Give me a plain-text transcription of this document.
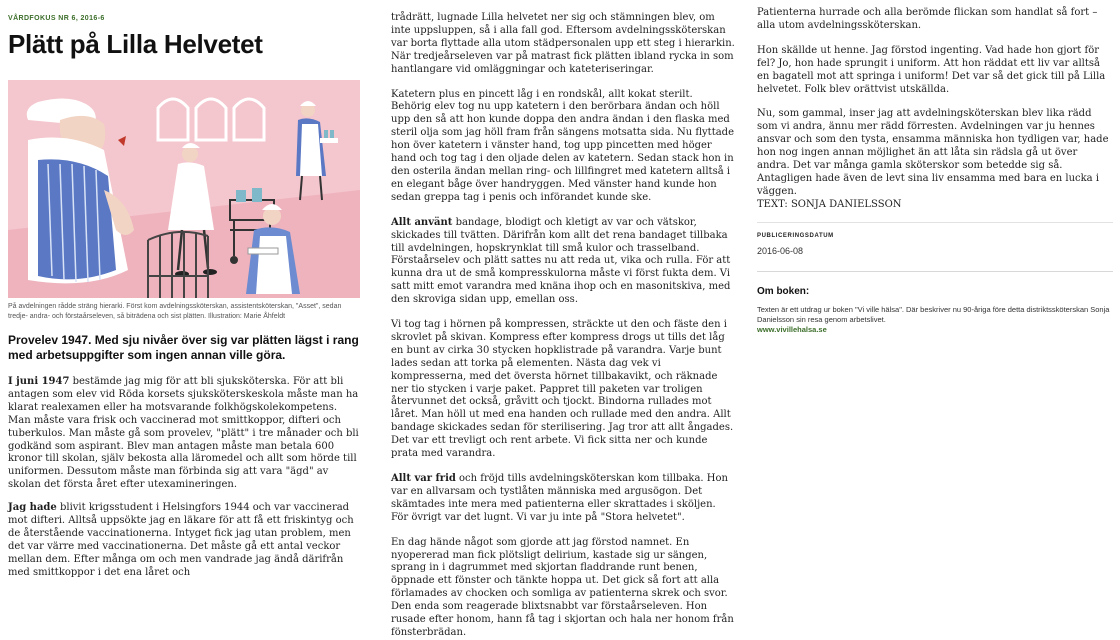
VÅRDFOKUS NR 6, 2016-6
Plätt på Lilla Helvetet
På avdelningen rådde sträng hierarki. Först kom avdelningssköterskan, assistentsköterskan, "Asset", sedan tredje- andra- och förstaårseleven, så biträdena och sist plätten. Illustration: Marie Åhfeldt
Provelev 1947. Med sju nivåer över sig var plätten lägst i rang med arbetsuppgifter som ingen annan ville göra.

I juni 1947 bestämde jag mig för att bli sjuksköterska. För att bli antagen som elev vid Röda korsets sjuksköterskeskola måste man ha klarat realexamen eller ha motsvarande folkhögskolekompetens. Man måste vara frisk och vaccinerad mot smittkoppor, difteri och tuberkulos. Man måste gå som provelev, "plätt" i tre månader och bli godkänd som aspirant. Blev man antagen måste man betala 600 kronor till skolan, själv bekosta alla läromedel och allt som hörde till uniformen. Dessutom måste man förbinda sig att vara "ägd" av skolan det första året efter utexamineringen.

Jag hade blivit krigsstudent i Helsingfors 1944 och var vaccinerad mot difteri. Alltså uppsökte jag en läkare för att få ett friskintyg och de återstående vaccinationerna. Intyget fick jag utan problem, men det var värre med vaccinationerna. Det måste gå ett antal veckor mellan dem. Efter många om och men vandrade jag ändå därifrån med smittkoppor i det ena låret och

trådrätt, lugnade Lilla helvetet ner sig och stämningen blev, om inte uppsluppen, så i alla fall god. Eftersom avdelningssköterskan var borta flyttade alla utom städpersonalen upp ett steg i hierarkin. När tredjeårseleven var på matrast fick plätten ibland rycka in som hantlangare vid omläggningar och kateteriseringar.

Katetern plus en pincett låg i en rondskål, allt kokat sterilt. Behörig elev tog nu upp katetern i den berörbara ändan och höll upp den så att hon kunde doppa den andra ändan i den flaska med steril olja som jag höll fram från sängens motsatta sida. Nu flyttade hon över katetern i vänster hand, tog upp pincetten med höger hand och tog tag i den oljade delen av katetern. Sedan stack hon in den osterila ändan mellan ring- och lillfingret med katetern alltså i en elegant båge över handryggen. Med vänster hand kunde hon sedan greppa tag i penis och införandet kunde ske.

Allt använt bandage, blodigt och kletigt av var och vätskor, skickades till tvätten. Därifrån kom allt det rena bandaget tillbaka till avdelningen, hopskrynklat till små kulor och trasselband. Förstaårselev och plätt sattes nu att reda ut, vika och rulla. För att kunna dra ut de små kompresskulorna måste vi först fukta dem. Vi satt mitt emot varandra med knäna ihop och en masonitskiva, med den skroviga sidan upp, emellan oss.

Vi tog tag i hörnen på kompressen, sträckte ut den och fäste den i skrovlet på skivan. Kompress efter kompress drogs ut tills det låg en bunt av cirka 30 stycken hopklistrade på varandra. Varje bunt lades sedan att torka på elementen. Nästa dag vek vi kompresserna, med det översta hörnet tillbakavikt, och räknade ner tio stycken i varje paket. Pappret till paketen var troligen återvunnet det också, gråvitt och tjockt. Bindorna rullades mot låret. Man höll ut med ena handen och rullade med den andra. Allt bandage skickades sedan för sterilisering. Jag tror att allt ångades. Det var ett trevligt och rent arbete. Vi fick sitta ner och kunde prata med varandra.

Allt var frid och fröjd tills avdelningsköterskan kom tillbaka. Hon var en allvarsam och tystlåten människa med argusögon. Det skämtades inte mera med patienterna eller skrattades i sköljen. För övrigt var det lugnt. Vi var ju inte på "Stora helvetet".

En dag hände något som gjorde att jag förstod namnet. En nyopererad man fick plötsligt delirium, kastade sig ur sängen, sprang in i dagrummet med skjortan fladdrande runt benen, öppnade ett fönster och tänkte hoppa ut. Det gick så fort att alla förlamades av chocken och somliga av patienterna skrek och svor. Den enda som reagerade blixtsnabbt var förstaårseleven. Hon rusade efter honom, hann få tag i skjortan och hala ner honom från fönsterbrädan.

Patienterna hurrade och alla berömde flickan som handlat så fort – alla utom avdelningssköterskan.

Hon skällde ut henne. Jag förstod ingenting. Vad hade hon gjort för fel? Jo, hon hade sprungit i uniform. Att hon räddat ett liv var alltså en bagatell mot att springa i uniform! Det var så det gick till på Lilla helvetet. Folk blev orättvist utskällda.

Nu, som gammal, inser jag att avdelningsköterskan blev lika rädd som vi andra, ännu mer rädd förresten. Avdelningen var ju hennes ansvar och som den tysta, ensamma människa hon tydligen var, hade hon nog ingen annan möjlighet än att låta sin rädsla gå ut över andra. Det var många gamla sköterskor som betedde sig så. Antagligen hade även de levt sina liv ensamma med bara en lucka i väggen.

TEXT: SONJA DANIELSSON

PUBLICERINGSDATUM
2016-06-08
Om boken:
Texten är ett utdrag ur boken "Vi ville hälsa". Där beskriver nu 90-åriga före detta distriktssköterskan Sonja Danielsson sin resa genom arbetslivet.
www.vivillehalsa.se
